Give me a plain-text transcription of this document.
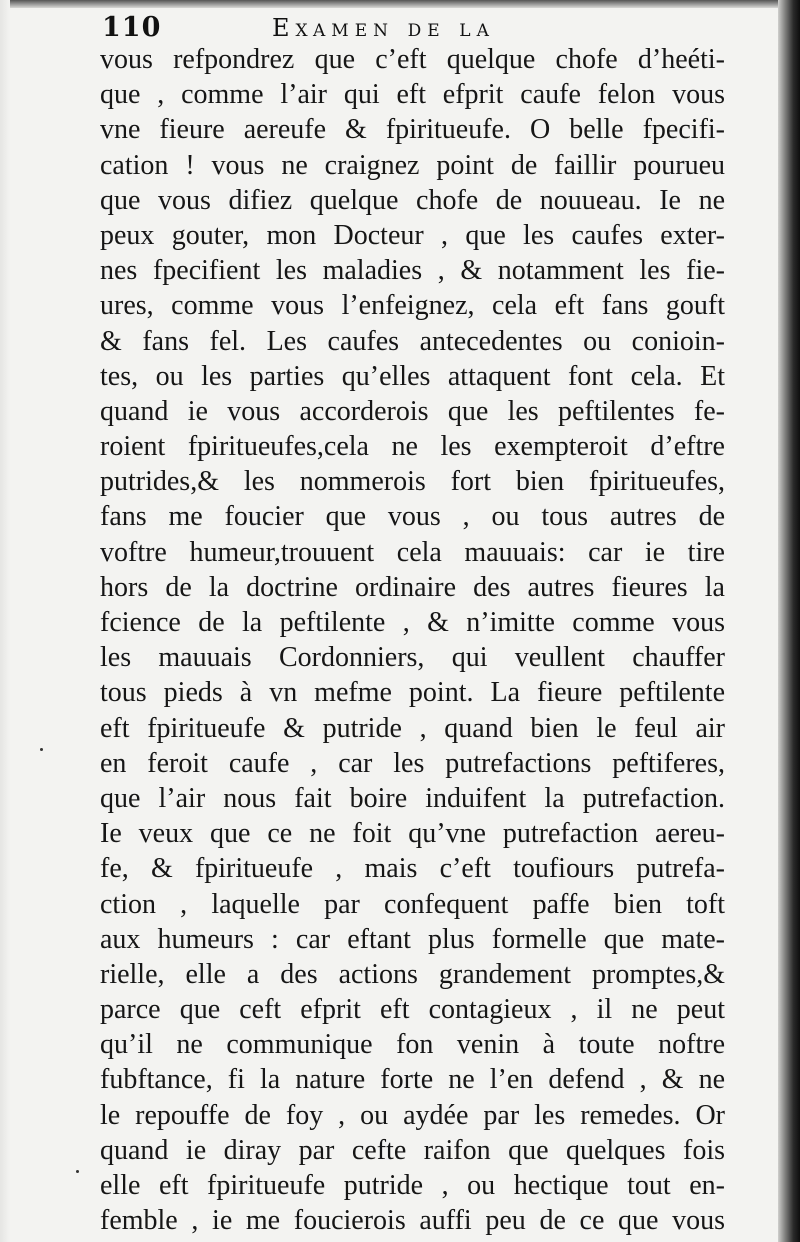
110	Examen de la
vous refpondrez que c’eft quelque chofe d’heéti-
que , comme l’air qui eft efprit caufe felon vous
vne fieure aereufe & fpiritueufe. O belle fpecifi-
cation ! vous ne craignez point de faillir pourueu
que vous difiez quelque chofe de nouueau. Ie ne
peux gouter, mon Docteur , que les caufes exter-
nes fpecifient les maladies , & notamment les fie-
ures, comme vous l’enfeignez, cela eft fans gouft
& fans fel. Les caufes antecedentes ou conioin-
tes, ou les parties qu’elles attaquent font cela. Et
quand ie vous accorderois que les peftilentes fe-
roient fpiritueufes,cela ne les exempteroit d’eftre
putrides,& les nommerois fort bien fpiritueufes,
fans me foucier que vous , ou tous autres de
voftre humeur,trouuent cela mauuais: car ie tire
hors de la doctrine ordinaire des autres fieures la
fcience de la peftilente , & n’imitte comme vous
les mauuais Cordonniers, qui veullent chauffer
tous pieds à vn mefme point. La fieure peftilente
eft fpiritueufe & putride , quand bien le feul air
en feroit caufe , car les putrefactions peftiferes,
que l’air nous fait boire induifent la putrefaction.
Ie veux que ce ne foit qu’vne putrefaction aereu-
fe, & fpiritueufe , mais c’eft toufiours putrefa-
ction , laquelle par confequent paffe bien toft
aux humeurs : car eftant plus formelle que mate-
rielle, elle a des actions grandement promptes,&
parce que ceft efprit eft contagieux , il ne peut
qu’il ne communique fon venin à toute noftre
fubftance, fi la nature forte ne l’en defend , & ne
le repouffe de foy , ou aydée par les remedes. Or
quand ie diray par cefte raifon que quelques fois
elle eft fpiritueufe putride , ou hectique tout en-
femble , ie me foucierois auffi peu de ce que vous
